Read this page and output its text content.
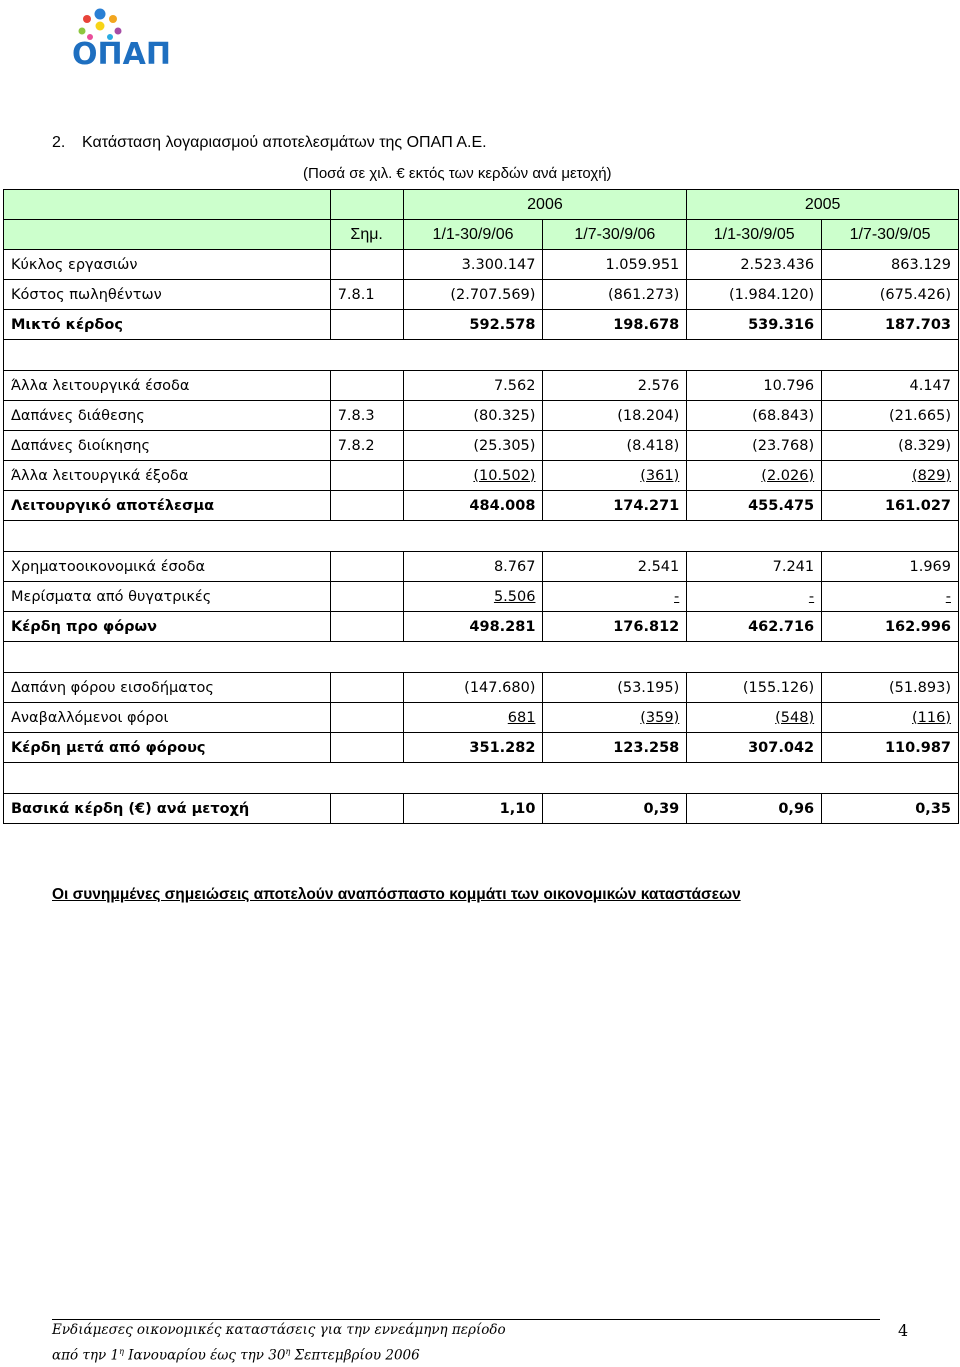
ΟΠΑΠ
2. Κατάσταση λογαριασμού αποτελεσμάτων της ΟΠΑΠ Α.Ε.
(Ποσά σε χιλ. € εκτός των κερδών ανά μετοχή)
		2006		2005	
	Σημ.	1/1-30/9/06	1/7-30/9/06	1/1-30/9/05	1/7-30/9/05
Κύκλος εργασιών		3.300.147	1.059.951	2.523.436	863.129
Κόστος πωληθέντων	7.8.1	(2.707.569)	(861.273)	(1.984.120)	(675.426)
Μικτό κέρδος		592.578	198.678	539.316	187.703

Άλλα λειτουργικά έσοδα		7.562	2.576	10.796	4.147
Δαπάνες διάθεσης	7.8.3	(80.325)	(18.204)	(68.843)	(21.665)
Δαπάνες διοίκησης	7.8.2	(25.305)	(8.418)	(23.768)	(8.329)
Άλλα λειτουργικά έξοδα		(10.502)	(361)	(2.026)	(829)
Λειτουργικό αποτέλεσμα		484.008	174.271	455.475	161.027

Χρηματοοικονομικά έσοδα		8.767	2.541	7.241	1.969
Μερίσματα από θυγατρικές		5.506	-	-	-
Κέρδη προ φόρων		498.281	176.812	462.716	162.996

Δαπάνη φόρου εισοδήματος		(147.680)	(53.195)	(155.126)	(51.893)
Αναβαλλόμενοι φόροι		681	(359)	(548)	(116)
Κέρδη μετά από φόρους		351.282	123.258	307.042	110.987

Βασικά κέρδη (€) ανά μετοχή		1,10	0,39	0,96	0,35
Οι συνημμένες σημειώσεις αποτελούν αναπόσπαστο κομμάτι των οικονομικών καταστάσεων
Ενδιάμεσες οικονομικές καταστάσεις για την εννεάμηνη περίοδο
από την $1^\eta$ Ιανουαρίου έως την $30^\eta$ Σεπτεμβρίου 2006
4
